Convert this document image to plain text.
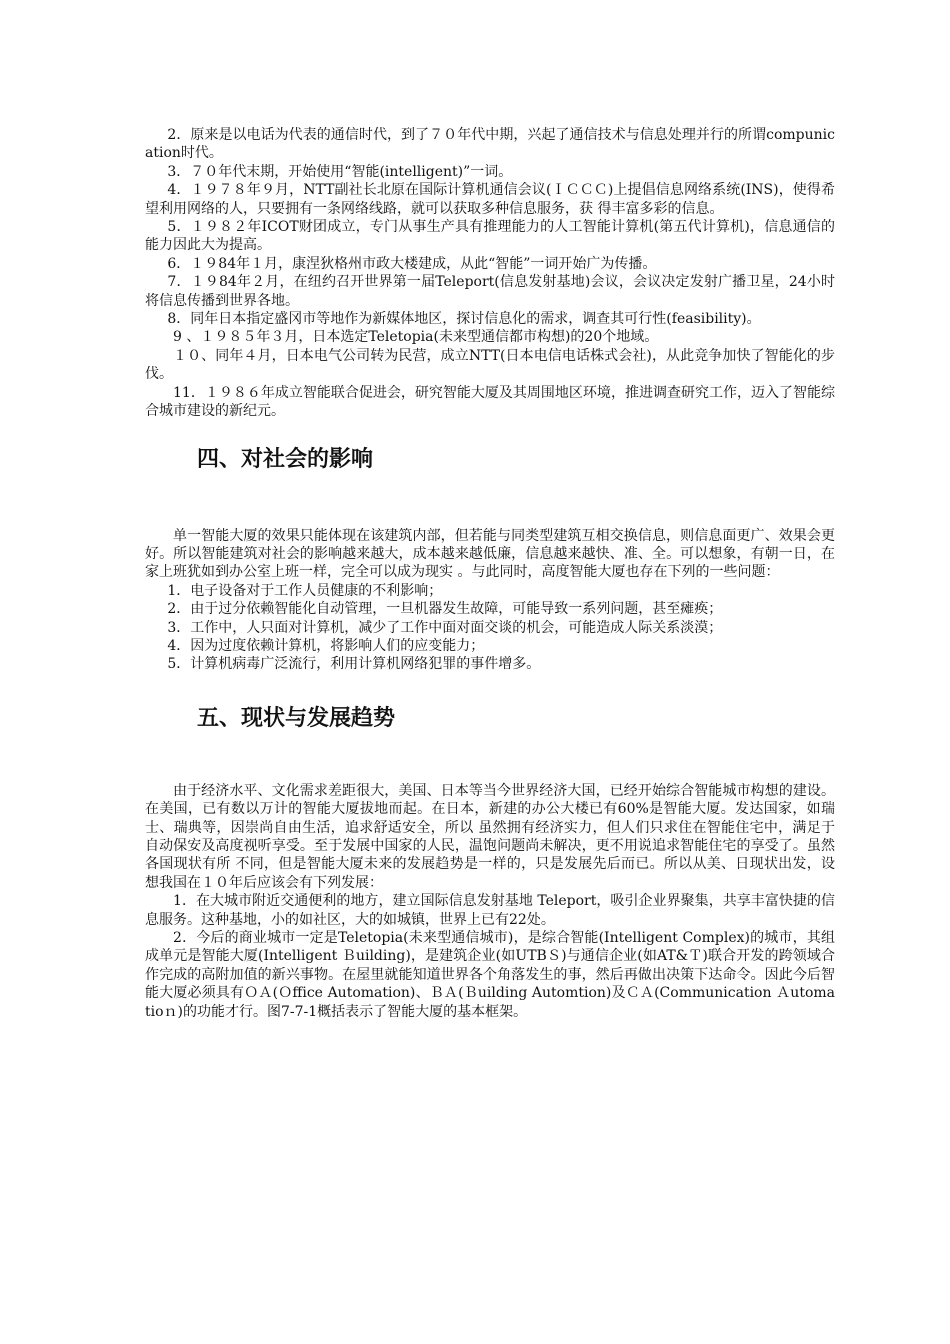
2．原来是以电话为代表的通信时代，到了７０年代中期，兴起了通信技术与信息处理并行的所谓compunication时代。

3．７０年代末期，开始使用“智能(intelligent)”一词。

4．１９７８年９月，NTT副社长北原在国际计算机通信会议(ＩＣＣＣ)上提倡信息网络系统(INS)，使得希望利用网络的人，只要拥有一条网络线路，就可以获取多种信息服务，获 得丰富多彩的信息。

5．１９８２年ICOT财团成立，专门从事生产具有推理能力的人工智能计算机(第五代计算机)，信息通信的能力因此大为提高。

6．１９84年１月，康涅狄格州市政大楼建成，从此“智能”一词开始广为传播。

7．１９84年２月，在纽约召开世界第一届Teleport(信息发射基地)会议，会议决定发射广播卫星，24小时将信息传播到世界各地。

8．同年日本指定盛冈市等地作为新媒体地区，探讨信息化的需求，调查其可行性(feasibility)。

9 、１９８５年３月，日本选定Teletopia(未来型通信都市构想)的20个地域。

１０、同年４月，日本电气公司转为民营，成立NTT(日本电信电话株式会社)，从此竞争加快了智能化的步伐。

11．１９８６年成立智能联合促进会，研究智能大厦及其周围地区环境，推进调查研究工作，迈入了智能综合城市建设的新纪元。

四、对社会的影响

单一智能大厦的效果只能体现在该建筑内部，但若能与同类型建筑互相交换信息，则信息面更广、效果会更好。所以智能建筑对社会的影响越来越大，成本越来越低廉，信息越来越快、准、全。可以想象，有朝一日，在家上班犹如到办公室上班一样，完全可以成为现实 。与此同时，高度智能大厦也存在下列的一些问题：

1．电子设备对于工作人员健康的不利影响；

2．由于过分依赖智能化自动管理，一旦机器发生故障，可能导致一系列问题，甚至瘫痪；

3．工作中，人只面对计算机，减少了工作中面对面交谈的机会，可能造成人际关系淡漠；

4．因为过度依赖计算机，将影响人们的应变能力；

5．计算机病毒广泛流行，利用计算机网络犯罪的事件增多。

五、现状与发展趋势

由于经济水平、文化需求差距很大，美国、日本等当今世界经济大国，已经开始综合智能城市构想的建设。在美国，已有数以万计的智能大厦拔地而起。在日本，新建的办公大楼已有60%是智能大厦。发达国家，如瑞士、瑞典等，因崇尚自由生活，追求舒适安全，所以 虽然拥有经济实力，但人们只求住在智能住宅中，满足于自动保安及高度视听享受。至于发展中国家的人民，温饱问题尚未解决，更不用说追求智能住宅的享受了。虽然各国现状有所 不同，但是智能大厦未来的发展趋势是一样的，只是发展先后而已。所以从美、日现状出发，设想我国在１０年后应该会有下列发展：

1．在大城市附近交通便利的地方，建立国际信息发射基地 Teleport，吸引企业界聚集，共享丰富快捷的信息服务。这种基地，小的如社区，大的如城镇，世界上已有22处。

2．今后的商业城市一定是Teletopia(未来型通信城市)，是综合智能(Intelligent Complex)的城市，其组成单元是智能大厦(Intelligent Ｂuilding)，是建筑企业(如UTBＳ)与通信企业(如AT&Ｔ)联合开发的跨领域合作完成的高附加值的新兴事物。在屋里就能知道世界各个角落发生的事，然后再做出决策下达命令。因此今后智能大厦必须具有ＯＡ(Ｏffice Automation)、ＢＡ(Ｂuilding Automtion)及ＣＡ(Communication Ａutomatioｎ)的功能才行。图7-7-1概括表示了智能大厦的基本框架。
